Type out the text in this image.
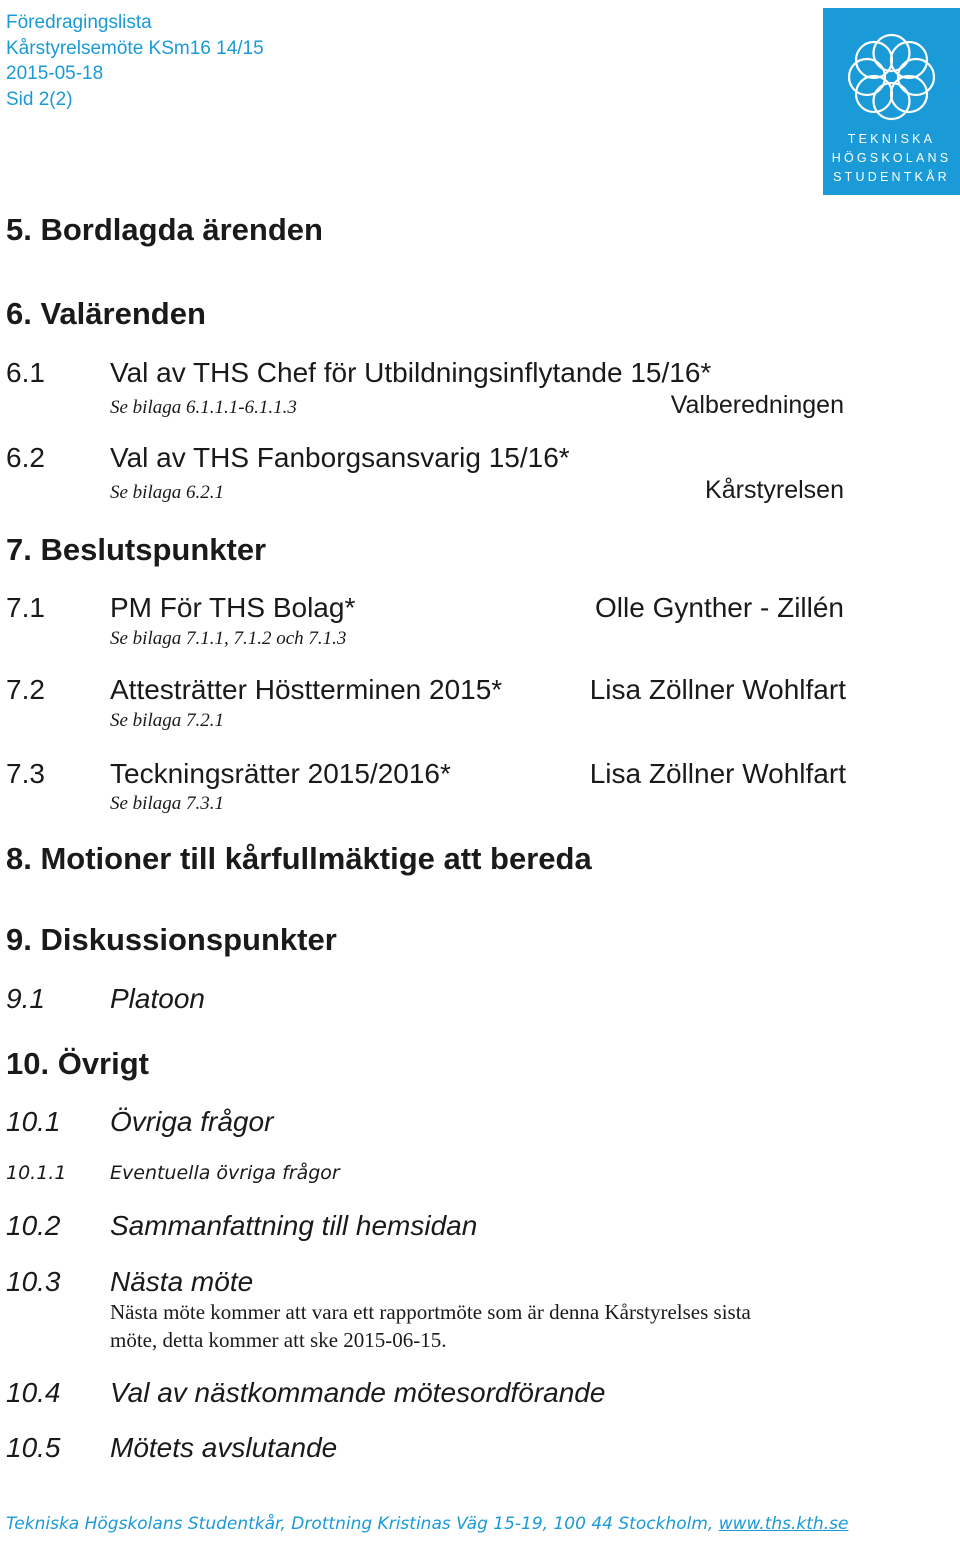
Föredragingslista
Kårstyrelsemöte KSm16 14/15
2015-05-18
Sid 2(2)
TEKNISKA
HÖGSKOLANS
STUDENTKÅR
5. Bordlagda ärenden
6. Valärenden
6.1 Val av THS Chef för Utbildningsinflytande 15/16*
Se bilaga 6.1.1.1-6.1.1.3	Valberedningen
6.2 Val av THS Fanborgsansvarig 15/16*
Se bilaga 6.2.1	Kårstyrelsen
7. Beslutspunkter
7.1 PM För THS Bolag*	Olle Gynther - Zillén
Se bilaga 7.1.1, 7.1.2 och 7.1.3
7.2 Attesträtter Höstterminen 2015*	Lisa Zöllner Wohlfart
Se bilaga 7.2.1
7.3 Teckningsrätter 2015/2016*	Lisa Zöllner Wohlfart
Se bilaga 7.3.1
8. Motioner till kårfullmäktige att bereda
9. Diskussionspunkter
9.1 Platoon
10. Övrigt
10.1 Övriga frågor
10.1.1 Eventuella övriga frågor
10.2 Sammanfattning till hemsidan
10.3 Nästa möte
Nästa möte kommer att vara ett rapportmöte som är denna Kårstyrelses sista
möte, detta kommer att ske 2015-06-15.
10.4 Val av nästkommande mötesordförande
10.5 Mötets avslutande
Tekniska Högskolans Studentkår, Drottning Kristinas Väg 15-19, 100 44 Stockholm, www.ths.kth.se
